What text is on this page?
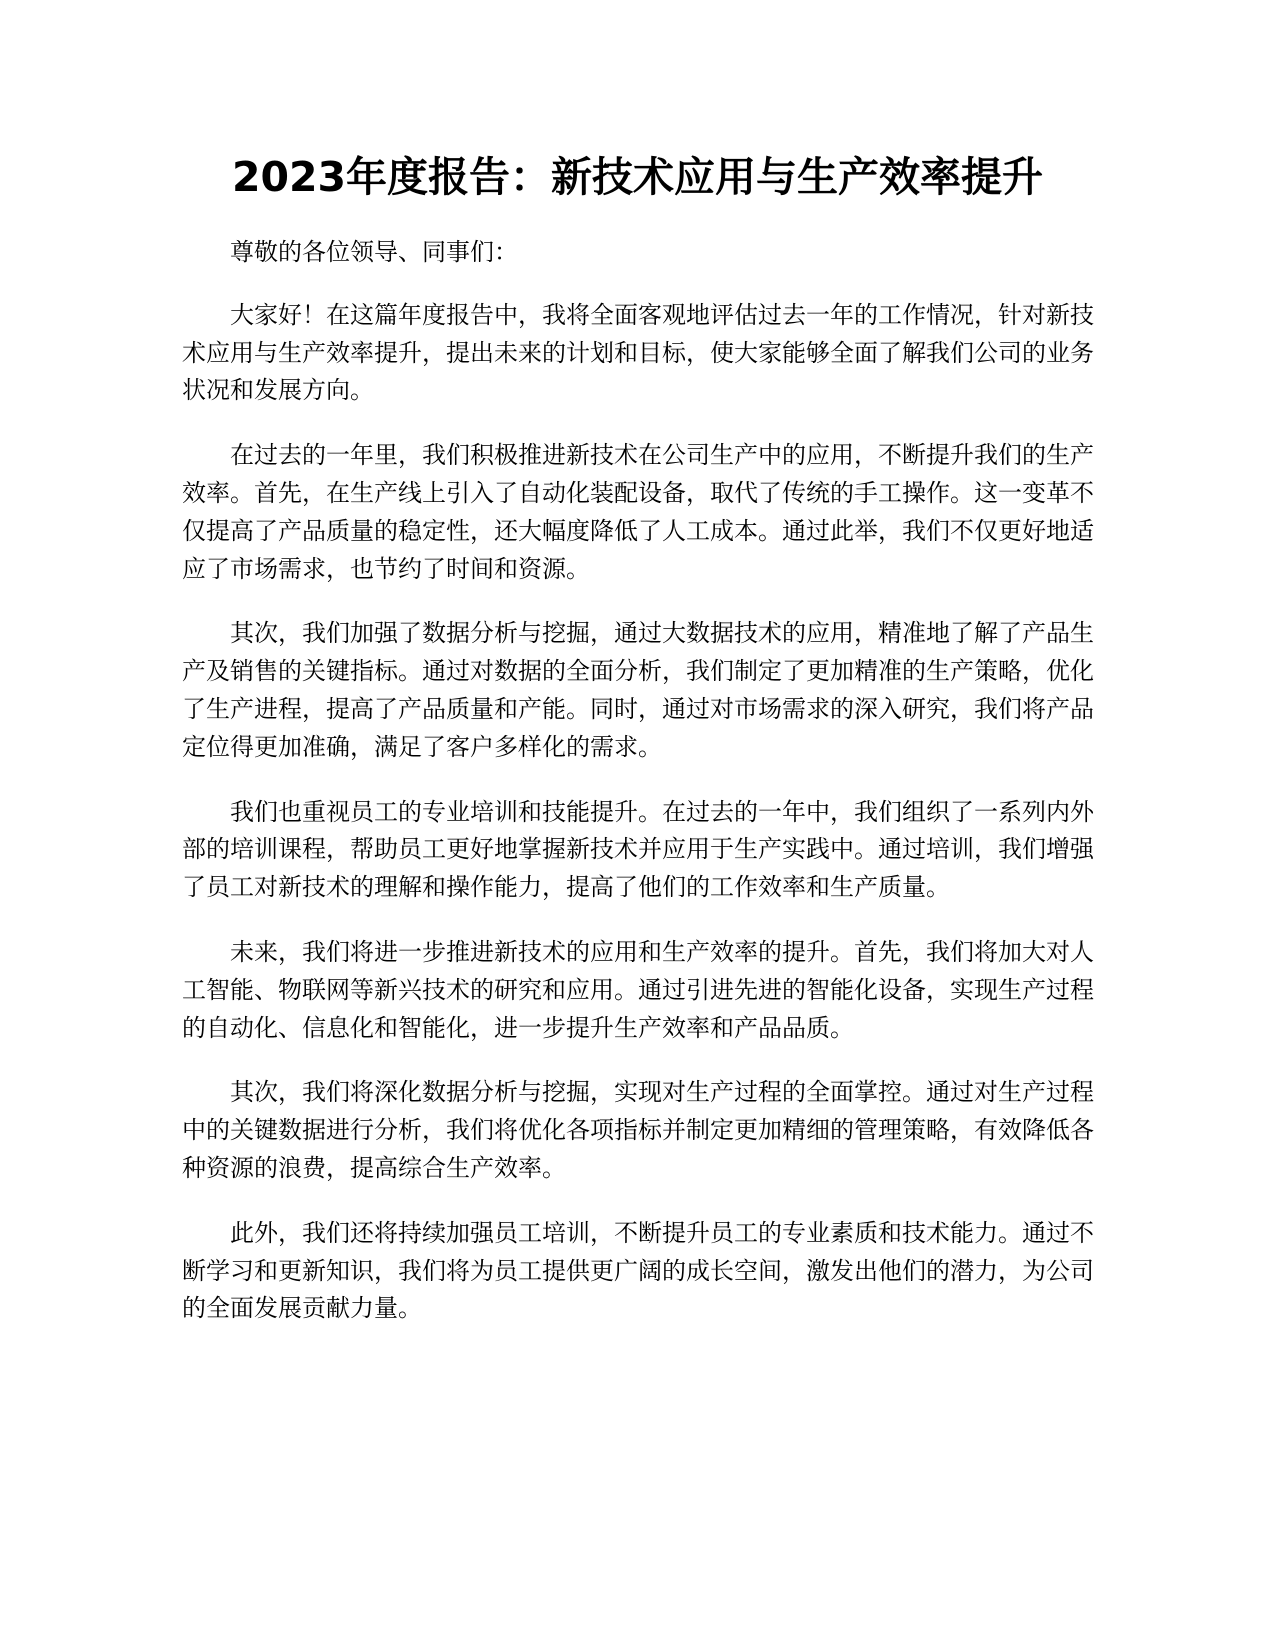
2023年度报告：新技术应用与生产效率提升

尊敬的各位领导、同事们：

大家好！在这篇年度报告中，我将全面客观地评估过去一年的工作情况，针对新技术应用与生产效率提升，提出未来的计划和目标，使大家能够全面了解我们公司的业务状况和发展方向。

在过去的一年里，我们积极推进新技术在公司生产中的应用，不断提升我们的生产效率。首先，在生产线上引入了自动化装配设备，取代了传统的手工操作。这一变革不仅提高了产品质量的稳定性，还大幅度降低了人工成本。通过此举，我们不仅更好地适应了市场需求，也节约了时间和资源。

其次，我们加强了数据分析与挖掘，通过大数据技术的应用，精准地了解了产品生产及销售的关键指标。通过对数据的全面分析，我们制定了更加精准的生产策略，优化了生产进程，提高了产品质量和产能。同时，通过对市场需求的深入研究，我们将产品定位得更加准确，满足了客户多样化的需求。

我们也重视员工的专业培训和技能提升。在过去的一年中，我们组织了一系列内外部的培训课程，帮助员工更好地掌握新技术并应用于生产实践中。通过培训，我们增强了员工对新技术的理解和操作能力，提高了他们的工作效率和生产质量。

未来，我们将进一步推进新技术的应用和生产效率的提升。首先，我们将加大对人工智能、物联网等新兴技术的研究和应用。通过引进先进的智能化设备，实现生产过程的自动化、信息化和智能化，进一步提升生产效率和产品品质。

其次，我们将深化数据分析与挖掘，实现对生产过程的全面掌控。通过对生产过程中的关键数据进行分析，我们将优化各项指标并制定更加精细的管理策略，有效降低各种资源的浪费，提高综合生产效率。

此外，我们还将持续加强员工培训，不断提升员工的专业素质和技术能力。通过不断学习和更新知识，我们将为员工提供更广阔的成长空间，激发出他们的潜力，为公司的全面发展贡献力量。
